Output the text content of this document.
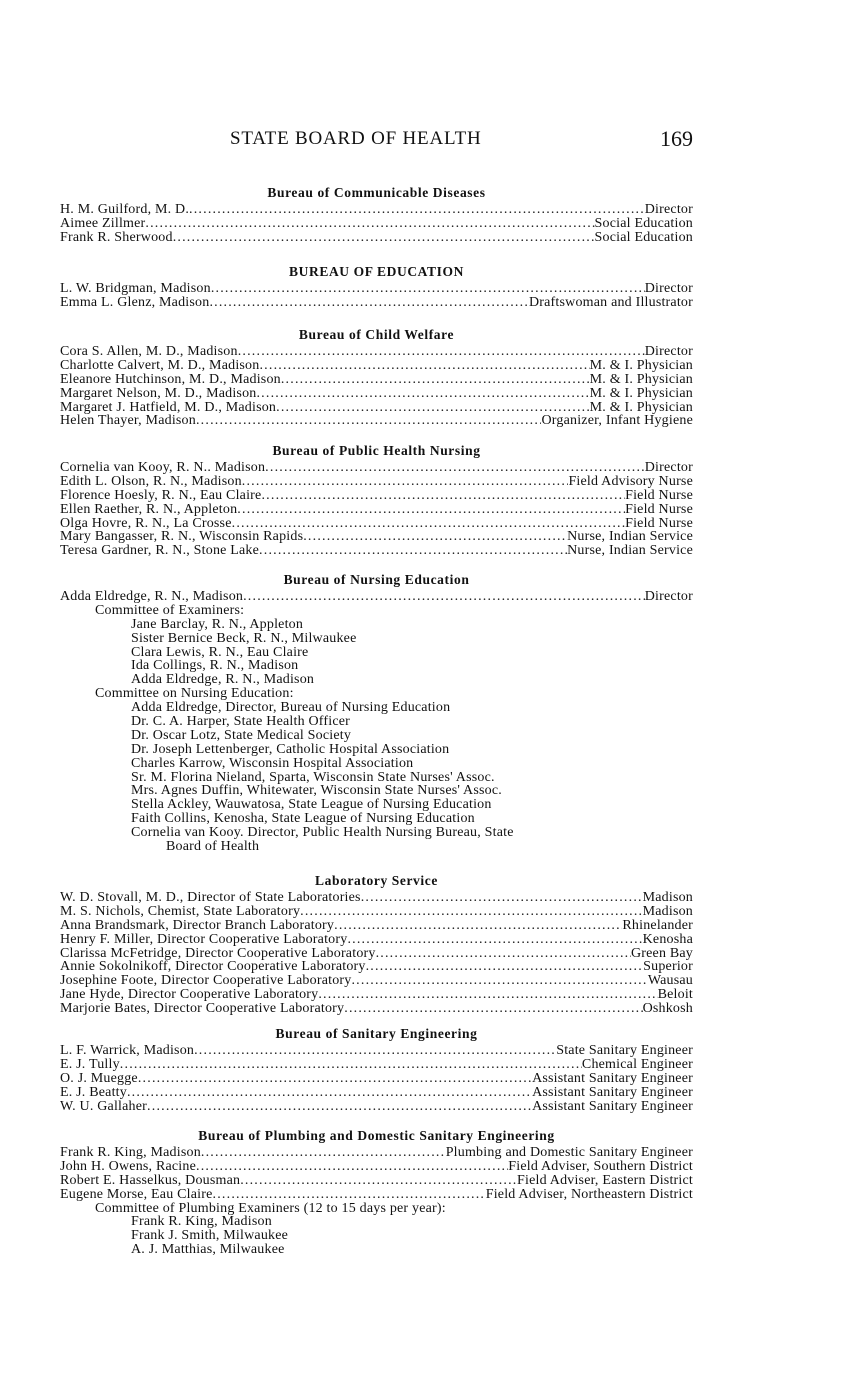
STATE BOARD OF HEALTH	169
Bureau of Communicable Diseases
H. M. Guilford, M. D. .....	Director
Aimee Zillmer .....	Social Education
Frank R. Sherwood .....	Social Education
BUREAU OF EDUCATION
L. W. Bridgman, Madison .....	Director
Emma L. Glenz, Madison .....	Draftswoman and Illustrator
Bureau of Child Welfare
Cora S. Allen, M. D., Madison .....	Director
Charlotte Calvert, M. D., Madison .....	M. & I. Physician
Eleanore Hutchinson, M. D., Madison .....	M. & I. Physician
Margaret Nelson, M. D., Madison .....	M. & I. Physician
Margaret J. Hatfield, M. D., Madison .....	M. & I. Physician
Helen Thayer, Madison .....	Organizer, Infant Hygiene
Bureau of Public Health Nursing
Cornelia van Kooy, R. N.. Madison .....	Director
Edith L. Olson, R. N., Madison .....	Field Advisory Nurse
Florence Hoesly, R. N., Eau Claire .....	Field Nurse
Ellen Raether, R. N., Appleton .....	Field Nurse
Olga Hovre, R. N., La Crosse .....	Field Nurse
Mary Bangasser, R. N., Wisconsin Rapids .....	Nurse, Indian Service
Teresa Gardner, R. N., Stone Lake .....	Nurse, Indian Service
Bureau of Nursing Education
Adda Eldredge, R. N., Madison .....	Director
Committee of Examiners:
Jane Barclay, R. N., Appleton
Sister Bernice Beck, R. N., Milwaukee
Clara Lewis, R. N., Eau Claire
Ida Collings, R. N., Madison
Adda Eldredge, R. N., Madison
Committee on Nursing Education:
Adda Eldredge, Director, Bureau of Nursing Education
Dr. C. A. Harper, State Health Officer
Dr. Oscar Lotz, State Medical Society
Dr. Joseph Lettenberger, Catholic Hospital Association
Charles Karrow, Wisconsin Hospital Association
Sr. M. Florina Nieland, Sparta, Wisconsin State Nurses' Assoc.
Mrs. Agnes Duffin, Whitewater, Wisconsin State Nurses' Assoc.
Stella Ackley, Wauwatosa, State League of Nursing Education
Faith Collins, Kenosha, State League of Nursing Education
Cornelia van Kooy. Director, Public Health Nursing Bureau, State
Board of Health
Laboratory Service
W. D. Stovall, M. D., Director of State Laboratories .....	Madison
M. S. Nichols, Chemist, State Laboratory .....	Madison
Anna Brandsmark, Director Branch Laboratory .....	Rhinelander
Henry F. Miller, Director Cooperative Laboratory .....	Kenosha
Clarissa McFetridge, Director Cooperative Laboratory .....	Green Bay
Annie Sokolnikoff, Director Cooperative Laboratory .....	Superior
Josephine Foote, Director Cooperative Laboratory .....	Wausau
Jane Hyde, Director Cooperative Laboratory .....	Beloit
Marjorie Bates, Director Cooperative Laboratory .....	Oshkosh
Bureau of Sanitary Engineering
L. F. Warrick, Madison .....	State Sanitary Engineer
E. J. Tully .....	Chemical Engineer
O. J. Muegge .....	Assistant Sanitary Engineer
E. J. Beatty .....	Assistant Sanitary Engineer
W. U. Gallaher .....	Assistant Sanitary Engineer
Bureau of Plumbing and Domestic Sanitary Engineering
Frank R. King, Madison .....	Plumbing and Domestic Sanitary Engineer
John H. Owens, Racine .....	Field Adviser, Southern District
Robert E. Hasselkus, Dousman .....	Field Adviser, Eastern District
Eugene Morse, Eau Claire .....	Field Adviser, Northeastern District
Committee of Plumbing Examiners (12 to 15 days per year):
Frank R. King, Madison
Frank J. Smith, Milwaukee
A. J. Matthias, Milwaukee
